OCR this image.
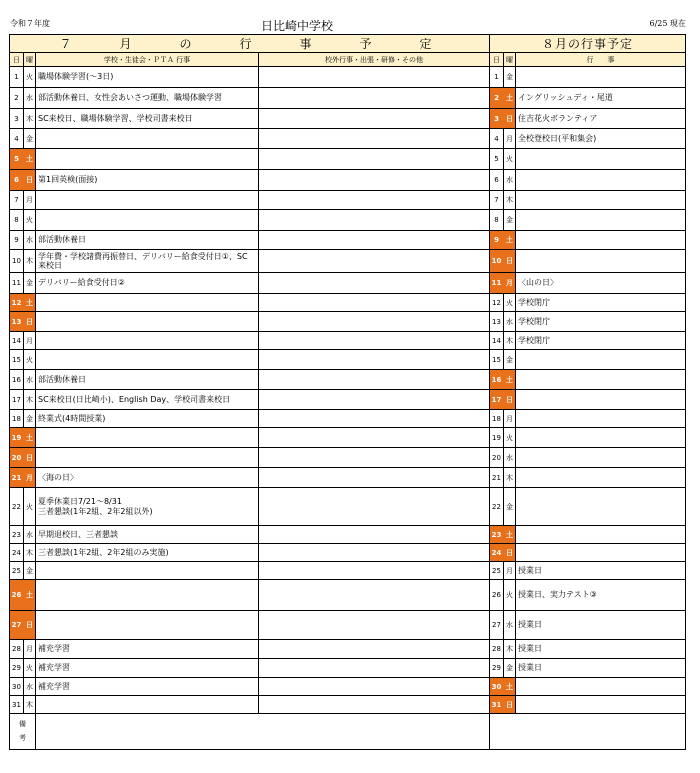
令和７年度	日比崎中学校	6/25 現在
７月の行事予定			
日	曜	学校・生徒会・ＰＴＡ 行事	校外行事・出張・研修・その他
1	火	職場体験学習(～3日)	
2	水	部活動休養日、女性会あいさつ運動、職場体験学習	
3	木	SC来校日、職場体験学習、学校司書来校日	
4	金		
5	土		
6	日	第1回英検(面接)	
7	月		
8	火		
9	水	部活動休養日	
10	木	学年費・学校諸費再振替日、デリバリー給食受付日①、SC
来校日	
11	金	デリバリー給食受付日②	
12	土		
13	日		
14	月		
15	火		
16	水	部活動休養日	
17	木	SC来校日(日比崎小)、English Day、学校司書来校日	
18	金	終業式(4時間授業)	
19	土		
20	日		
21	月	〈海の日〉	
22	火	夏季休業日7/21～8/31
三者懇談(1年2組、2年2組以外)	
23	水	早期退校日、三者懇談	
24	木	三者懇談(1年2組、2年2組のみ実施)	
25	金		
26	土		
27	日		
28	月	補充学習	
29	火	補充学習	
30	水	補充学習	
31	木		
備
考			
８月の行事予定		
日	曜	行　　事
1	金	
2	土	イングリッシュディ・尾道
3	日	住吉花火ボランティア
4	月	全校登校日(平和集会)
5	火	
6	水	
7	木	
8	金	
9	土	
10	日	
11	月	〈山の日〉
12	火	学校閉庁
13	水	学校閉庁
14	木	学校閉庁
15	金	
16	土	
17	日	
18	月	
19	火	
20	水	
21	木	
22	金	
23	土	
24	日	
25	月	授業日
26	火	授業日、実力テスト③
27	水	授業日
28	木	授業日
29	金	授業日
30	土	
31	日	
